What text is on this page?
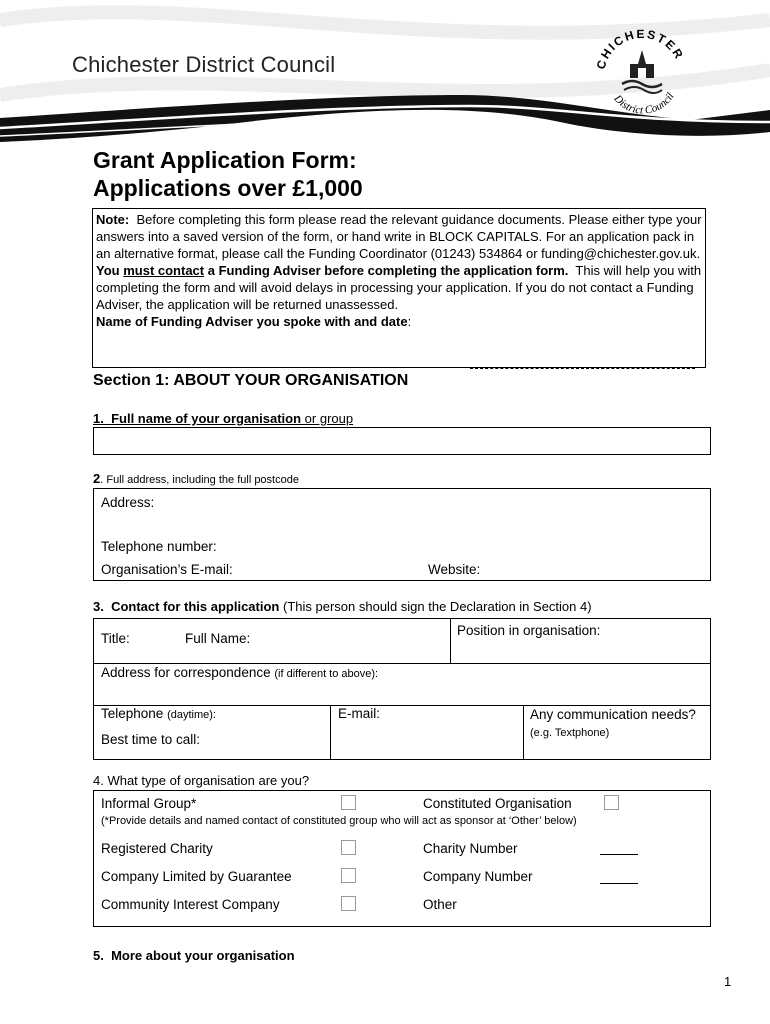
Chichester District Council	CHICHESTER
District Council
Grant Application Form:
Applications over £1,000

Note: Before completing this form please read the relevant guidance documents. Please either type your answers into a saved version of the form, or hand write in BLOCK CAPITALS. For an application pack in an alternative format, please call the Funding Coordinator (01243) 534864 or funding@chichester.gov.uk.

You must contact a Funding Adviser before completing the application form. This will help you with completing the form and will avoid delays in processing your application. If you do not contact a Funding Adviser, the application will be returned unassessed.

Name of Funding Adviser you spoke with and date:

Section 1: ABOUT YOUR ORGANISATION
1. Full name of your organisation or group
2. Full address, including the full postcode
Address:
Telephone number:
Organisation’s E-mail:	Website:
3. Contact for this application (This person should sign the Declaration in Section 4)
Title:	Full Name:
Position in organisation:
Address for correspondence (if different to above):
Telephone (daytime):
Best time to call:
E-mail:	Any communication needs? (e.g. Textphone)
4. What type of organisation are you?
Informal Group*	Constituted Organisation
(*Provide details and named contact of constituted group who will act as sponsor at ‘Other’ below)
Registered Charity	Charity Number
Company Limited by Guarantee	Company Number
Community Interest Company	Other
5. More about your organisation
1
